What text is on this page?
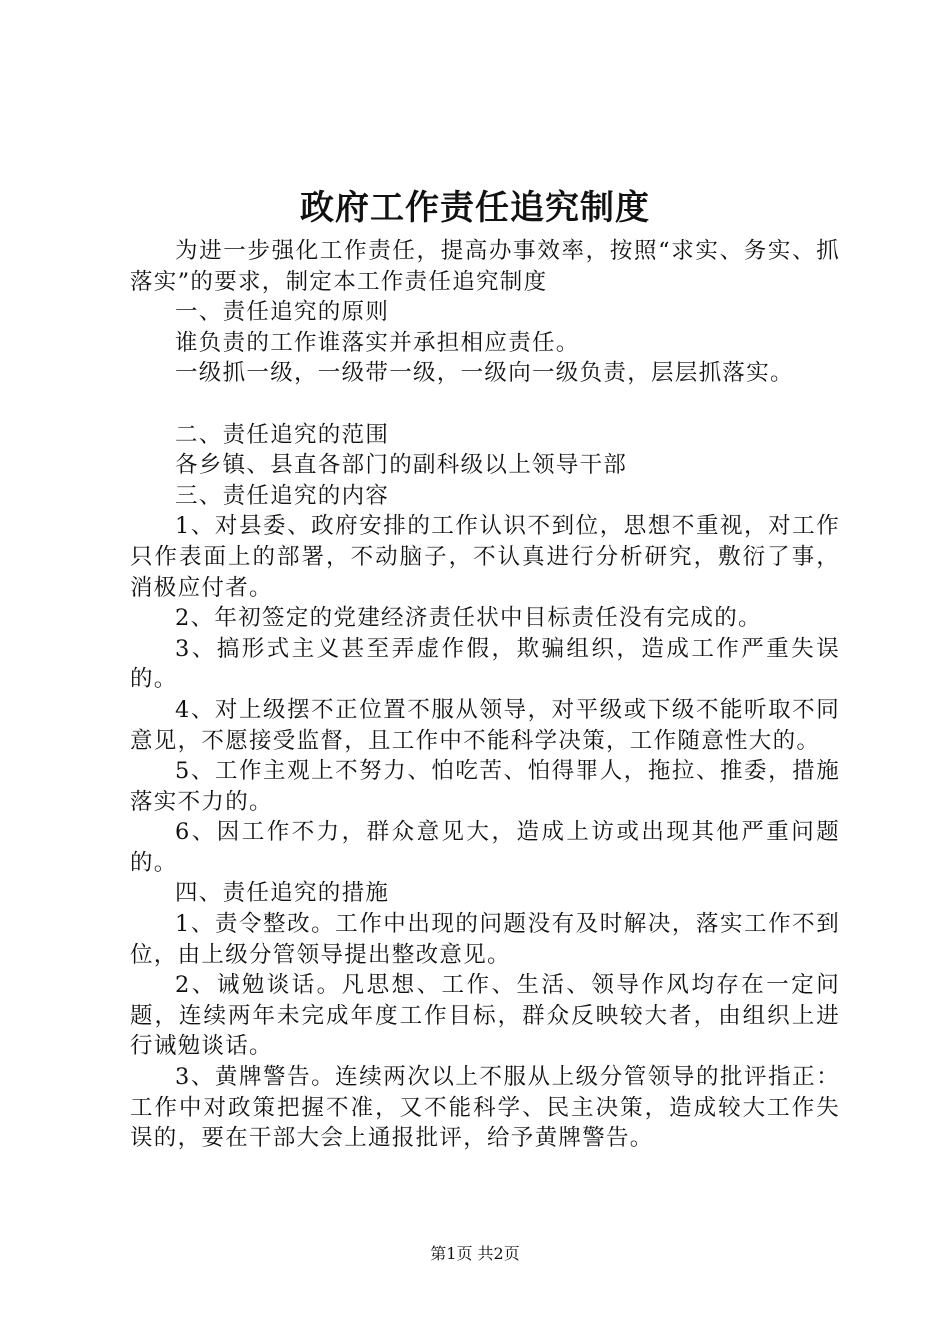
政府工作责任追究制度

为进一步强化工作责任，提高办事效率，按照“求实、务实、抓落实”的要求，制定本工作责任追究制度

一、责任追究的原则

谁负责的工作谁落实并承担相应责任。

一级抓一级，一级带一级，一级向一级负责，层层抓落实。

二、责任追究的范围

各乡镇、县直各部门的副科级以上领导干部

三、责任追究的内容

1、对县委、政府安排的工作认识不到位，思想不重视，对工作只作表面上的部署，不动脑子，不认真进行分析研究，敷衍了事，消极应付者。

2、年初签定的党建经济责任状中目标责任没有完成的。

3、搞形式主义甚至弄虚作假，欺骗组织，造成工作严重失误的。

4、对上级摆不正位置不服从领导，对平级或下级不能听取不同意见，不愿接受监督，且工作中不能科学决策，工作随意性大的。

5、工作主观上不努力、怕吃苦、怕得罪人，拖拉、推委，措施落实不力的。

6、因工作不力，群众意见大，造成上访或出现其他严重问题的。

四、责任追究的措施

1、责令整改。工作中出现的问题没有及时解决，落实工作不到位，由上级分管领导提出整改意见。

2、诫勉谈话。凡思想、工作、生活、领导作风均存在一定问题，连续两年未完成年度工作目标，群众反映较大者，由组织上进行诫勉谈话。

3、黄牌警告。连续两次以上不服从上级分管领导的批评指正：工作中对政策把握不准，又不能科学、民主决策，造成较大工作失误的，要在干部大会上通报批评，给予黄牌警告。

第1页 共2页
